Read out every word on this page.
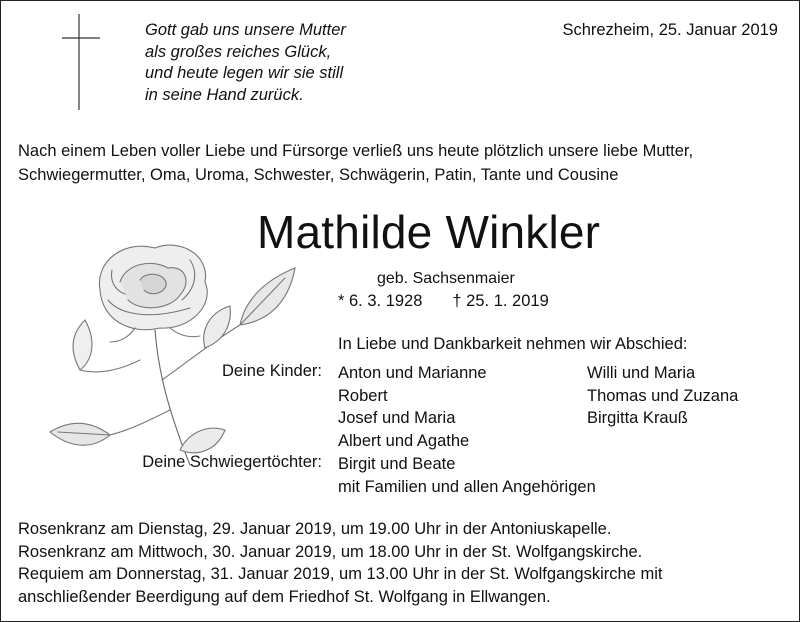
Gott gab uns unsere Mutter
als großes reiches Glück,
und heute legen wir sie still
in seine Hand zurück.
Schrezheim, 25. Januar 2019
Nach einem Leben voller Liebe und Fürsorge verließ uns heute plötzlich unsere liebe Mutter,
Schwiegermutter, Oma, Uroma, Schwester, Schwägerin, Patin, Tante und Cousine
Mathilde Winkler
geb. Sachsenmaier
* 6. 3. 1928 † 25. 1. 2019
In Liebe und Dankbarkeit nehmen wir Abschied:
Deine Kinder: Anton und Marianne
Robert
Josef und Maria
Albert und Agathe
Willi und Maria
Thomas und Zuzana
Birgitta Krauß
Deine Schwiegertöchter: Birgit und Beate
mit Familien und allen Angehörigen
Rosenkranz am Dienstag, 29. Januar 2019, um 19.00 Uhr in der Antoniuskapelle.
Rosenkranz am Mittwoch, 30. Januar 2019, um 18.00 Uhr in der St. Wolfgangskirche.
Requiem am Donnerstag, 31. Januar 2019, um 13.00 Uhr in der St. Wolfgangskirche mit
anschließender Beerdigung auf dem Friedhof St. Wolfgang in Ellwangen.
